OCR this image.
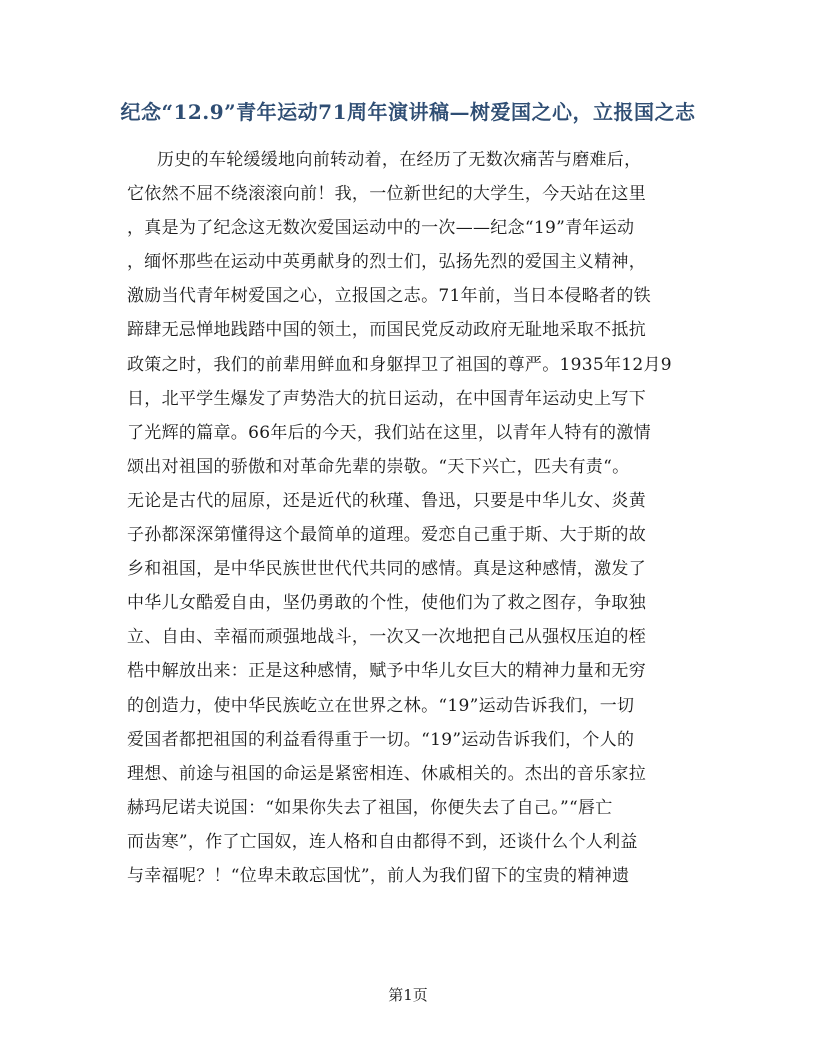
纪念“12.9”青年运动71周年演讲稿—树爱国之心，立报国之志
历史的车轮缓缓地向前转动着，在经历了无数次痛苦与磨难后，
它依然不屈不绕滚滚向前！我，一位新世纪的大学生，今天站在这里
，真是为了纪念这无数次爱国运动中的一次——纪念“19”青年运动
，缅怀那些在运动中英勇献身的烈士们，弘扬先烈的爱国主义精神，
激励当代青年树爱国之心，立报国之志。71年前，当日本侵略者的铁
蹄肆无忌惮地践踏中国的领土，而国民党反动政府无耻地采取不抵抗
政策之时，我们的前辈用鲜血和身躯捍卫了祖国的尊严。1935年12月9
日，北平学生爆发了声势浩大的抗日运动，在中国青年运动史上写下
了光辉的篇章。66年后的今天，我们站在这里，以青年人特有的激情
颂出对祖国的骄傲和对革命先辈的崇敬。“天下兴亡，匹夫有责“。
无论是古代的屈原，还是近代的秋瑾、鲁迅，只要是中华儿女、炎黄
子孙都深深第懂得这个最简单的道理。爱恋自己重于斯、大于斯的故
乡和祖国，是中华民族世世代代共同的感情。真是这种感情，激发了
中华儿女酷爱自由，坚仍勇敢的个性，使他们为了救之图存，争取独
立、自由、幸福而顽强地战斗，一次又一次地把自己从强权压迫的桎
梏中解放出来：正是这种感情，赋予中华儿女巨大的精神力量和无穷
的创造力，使中华民族屹立在世界之林。“19”运动告诉我们，一切
爱国者都把祖国的利益看得重于一切。“19”运动告诉我们，个人的
理想、前途与祖国的命运是紧密相连、休戚相关的。杰出的音乐家拉
赫玛尼诺夫说国：“如果你失去了祖国，你便失去了自己。”“唇亡
而齿寒”，作了亡国奴，连人格和自由都得不到，还谈什么个人利益
与幸福呢？！“位卑未敢忘国忧”，前人为我们留下的宝贵的精神遗
第1页
